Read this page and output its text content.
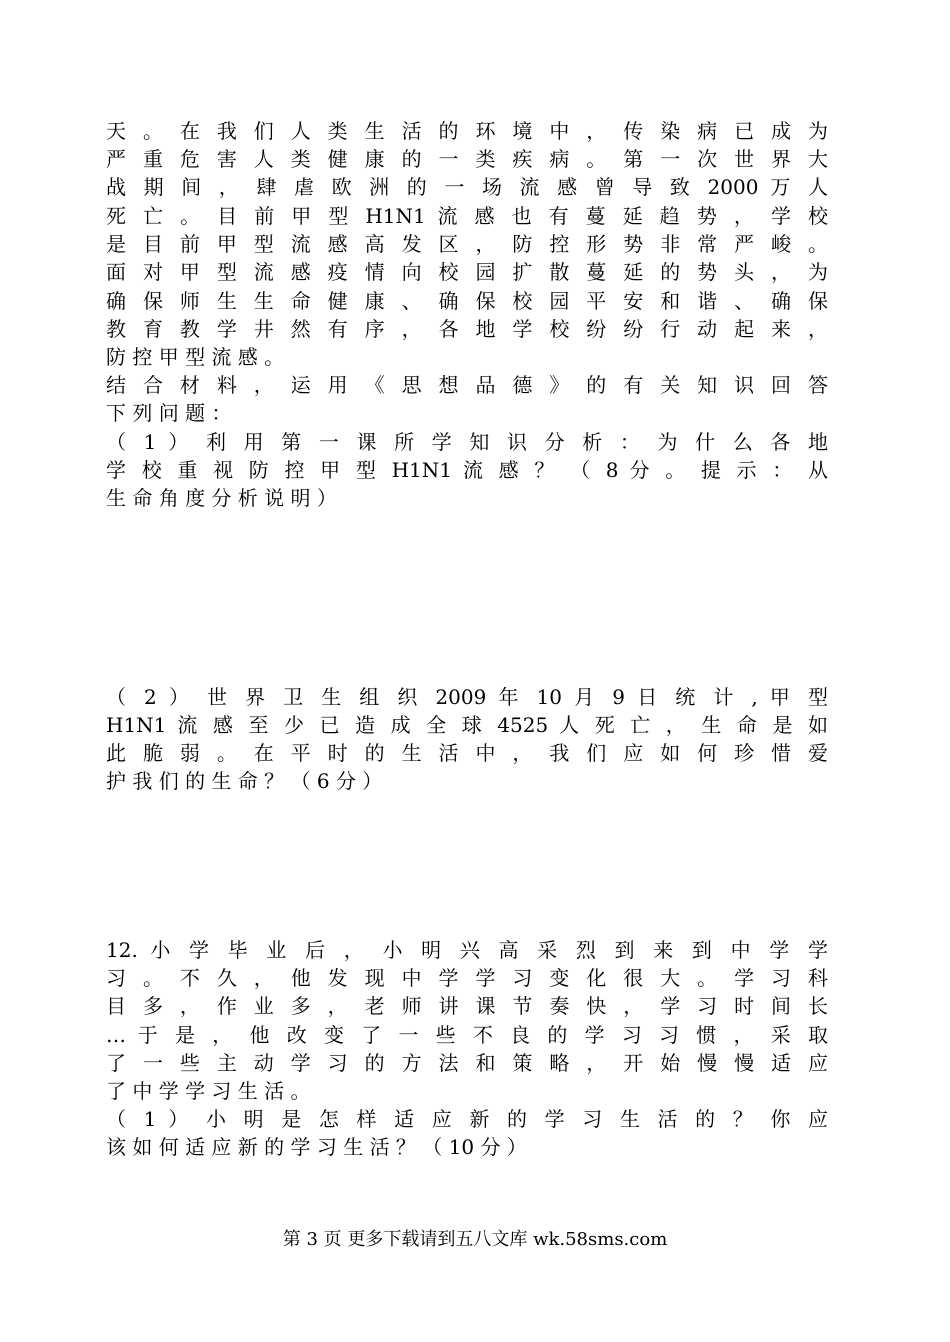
天 。 在 我 们 人 类 生 活 的 环 境 中 ， 传 染 病 已 成 为
严 重 危 害 人 类 健 康 的 一 类 疾 病 。 第 一 次 世 界 大
战 期 间 ， 肆 虐 欧 洲 的 一 场 流 感 曾 导 致 2000 万 人
死 亡 。 目 前 甲 型 H1N1 流 感 也 有 蔓 延 趋 势 ， 学 校
是 目 前 甲 型 流 感 高 发 区 ， 防 控 形 势 非 常 严 峻 。
面 对 甲 型 流 感 疫 情 向 校 园 扩 散 蔓 延 的 势 头 ， 为
确 保 师 生 生 命 健 康 、 确 保 校 园 平 安 和 谐 、 确 保
教 育 教 学 井 然 有 序 ， 各 地 学 校 纷 纷 行 动 起 来 ，
防 控 甲 型 流 感 。
结 合 材 料 ， 运 用 《 思 想 品 德 》 的 有 关 知 识 回 答
下 列 问 题 ：
（ 1 ） 利 用 第 一 课 所 学 知 识 分 析 ： 为 什 么 各 地
学 校 重 视 防 控 甲 型 H1N1 流 感 ？ （ 8 分 。 提 示 ： 从
生 命 角 度 分 析 说 明 ）
（ 2 ） 世 界 卫 生 组 织 2009 年 10 月 9 日 统 计 , 甲 型
H1N1 流 感 至 少 已 造 成 全 球 4525 人 死 亡 ， 生 命 是 如
此 脆 弱 。 在 平 时 的 生 活 中 ， 我 们 应 如 何 珍 惜 爱
护 我 们 的 生 命 ？ （ 6 分 ）
12. 小 学 毕 业 后 ， 小 明 兴 高 采 烈 到 来 到 中 学 学
习 。 不 久 ， 他 发 现 中 学 学 习 变 化 很 大 。 学 习 科
目 多 ， 作 业 多 ， 老 师 讲 课 节 奏 快 ， 学 习 时 间 长
… 于 是 ， 他 改 变 了 一 些 不 良 的 学 习 习 惯 ， 采 取
了 一 些 主 动 学 习 的 方 法 和 策 略 ， 开 始 慢 慢 适 应
了 中 学 学 习 生 活 。
（ 1 ） 小 明 是 怎 样 适 应 新 的 学 习 生 活 的 ？ 你 应
该 如 何 适 应 新 的 学 习 生 活 ？ （ 10 分 ）
第 3 页 更多下载请到五八文库 wk.58sms.com
